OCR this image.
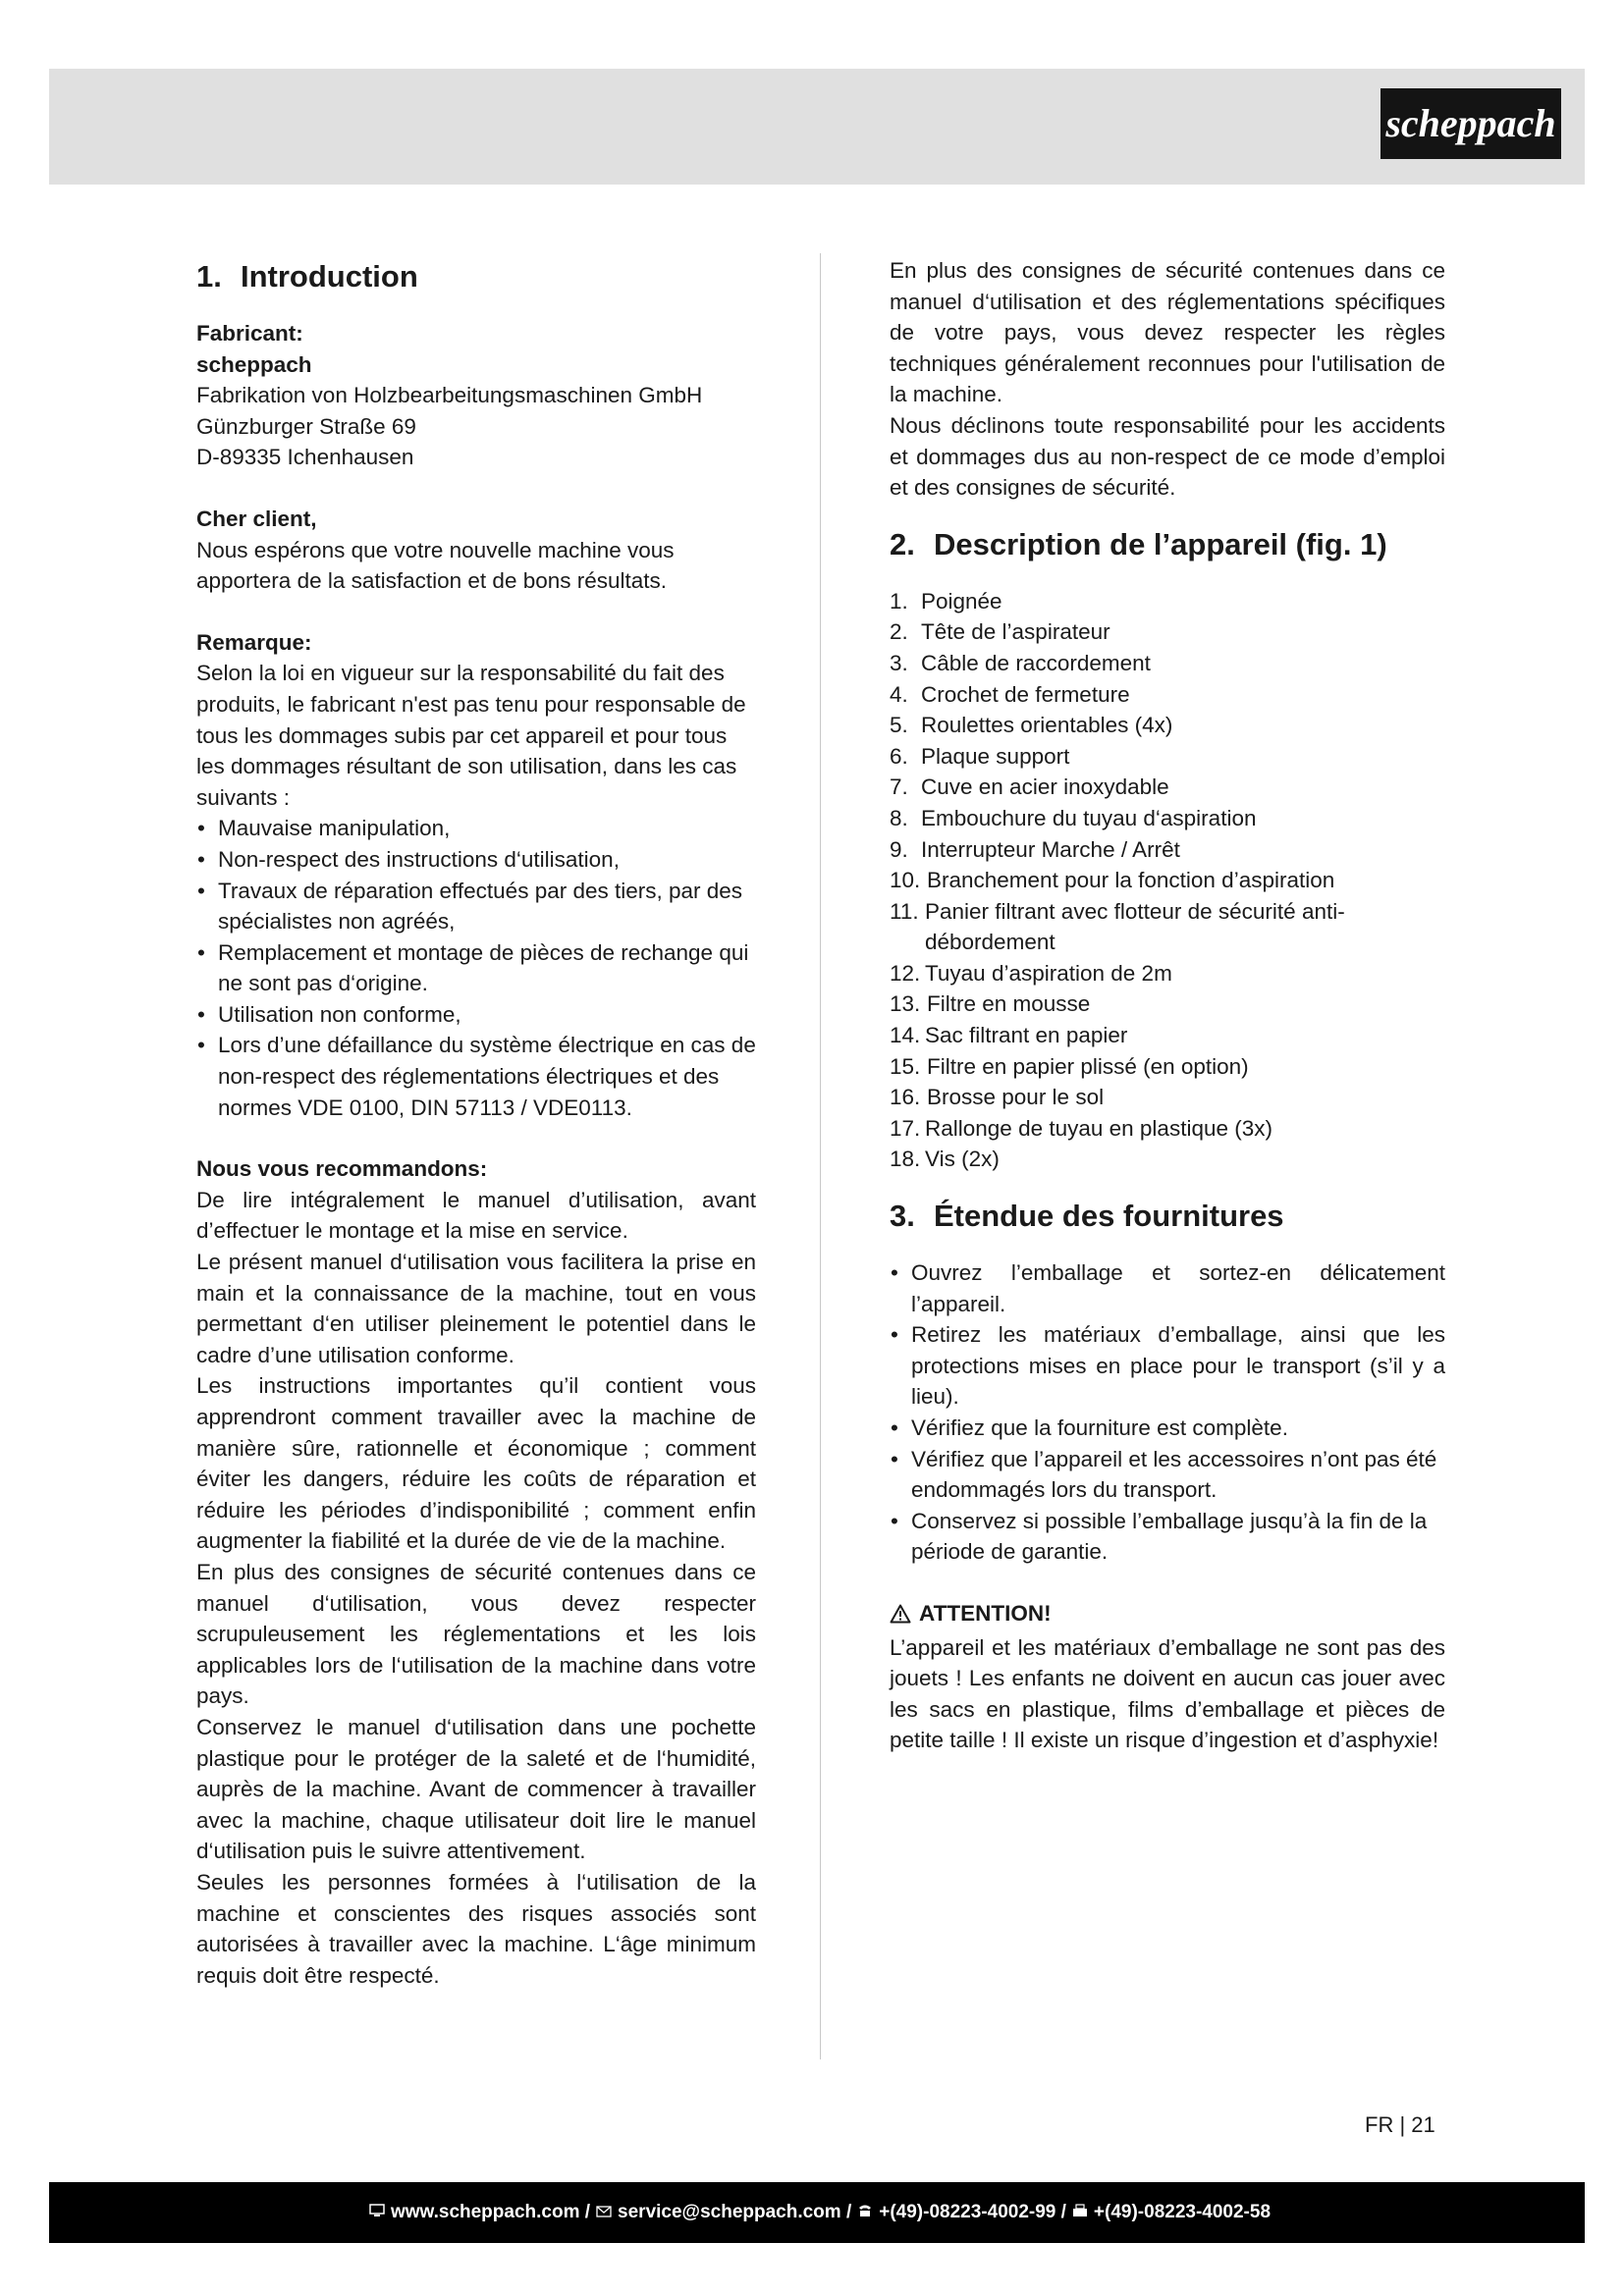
scheppach
1. Introduction

Fabricant:

scheppach

Fabrikation von Holzbearbeitungsmaschinen GmbH

Günzburger Straße 69

D-89335 Ichenhausen

Cher client,

Nous espérons que votre nouvelle machine vous apportera de la satisfaction et de bons résultats.

Remarque:

Selon la loi en vigueur sur la responsabilité du fait des produits, le fabricant n'est pas tenu pour responsable de tous les dommages subis par cet appareil et pour tous les dommages résultant de son utilisation, dans les cas suivants :

• Mauvaise manipulation,
• Non-respect des instructions d‘utilisation,
• Travaux de réparation effectués par des tiers, par des spécialistes non agréés,
• Remplacement et montage de pièces de rechange qui ne sont pas d‘origine.
• Utilisation non conforme,
• Lors d’une défaillance du système électrique en cas de non-respect des réglementations électriques et des normes VDE 0100, DIN 57113 / VDE0113.

Nous vous recommandons:

De lire intégralement le manuel d’utilisation, avant d’effectuer le montage et la mise en service.

Le présent manuel d‘utilisation vous facilitera la prise en main et la connaissance de la machine, tout en vous permettant d‘en utiliser pleinement le potentiel dans le cadre d’une utilisation conforme.

Les instructions importantes qu’il contient vous apprendront comment travailler avec la machine de manière sûre, rationnelle et économique ; comment éviter les dangers, réduire les coûts de réparation et réduire les périodes d’indisponibilité ; comment enfin augmenter la fiabilité et la durée de vie de la machine.

En plus des consignes de sécurité contenues dans ce manuel d‘utilisation, vous devez respecter scrupuleusement les réglementations et les lois applicables lors de l‘utilisation de la machine dans votre pays.

Conservez le manuel d‘utilisation dans une pochette plastique pour le protéger de la saleté et de l‘humidité, auprès de la machine. Avant de commencer à travailler avec la machine, chaque utilisateur doit lire le manuel d‘utilisation puis le suivre attentivement.

Seules les personnes formées à l‘utilisation de la machine et conscientes des risques associés sont autorisées à travailler avec la machine. L‘âge minimum requis doit être respecté.

En plus des consignes de sécurité contenues dans ce manuel d‘utilisation et des réglementations spécifiques de votre pays, vous devez respecter les règles techniques généralement reconnues pour l'utilisation de la machine.

Nous déclinons toute responsabilité pour les accidents et dommages dus au non-respect de ce mode d’emploi et des consignes de sécurité.

2. Description de l’appareil (fig. 1)
1. Poignée
2. Tête de l’aspirateur
3. Câble de raccordement
4. Crochet de fermeture
5. Roulettes orientables (4x)
6. Plaque support
7. Cuve en acier inoxydable
8. Embouchure du tuyau d‘aspiration
9. Interrupteur Marche / Arrêt
10. Branchement pour la fonction d’aspiration
11. Panier filtrant avec flotteur de sécurité anti-débordement
12. Tuyau d’aspiration de 2m
13. Filtre en mousse
14. Sac filtrant en papier
15. Filtre en papier plissé (en option)
16. Brosse pour le sol
17. Rallonge de tuyau en plastique (3x)
18. Vis (2x)
3. Étendue des fournitures
• Ouvrez l’emballage et sortez-en délicatement l’appareil.
• Retirez les matériaux d’emballage, ainsi que les protections mises en place pour le transport (s’il y a lieu).
• Vérifiez que la fourniture est complète.
• Vérifiez que l’appareil et les accessoires n’ont pas été endommagés lors du transport.
• Conservez si possible l’emballage jusqu’à la fin de la période de garantie.

ATTENTION!

L’appareil et les matériaux d’emballage ne sont pas des jouets ! Les enfants ne doivent en aucun cas jouer avec les sacs en plastique, films d’emballage et pièces de petite taille ! Il existe un risque d’ingestion et d’asphyxie!

FR | 21
www.scheppach.com / service@scheppach.com / +(49)-08223-4002-99 / +(49)-08223-4002-58
